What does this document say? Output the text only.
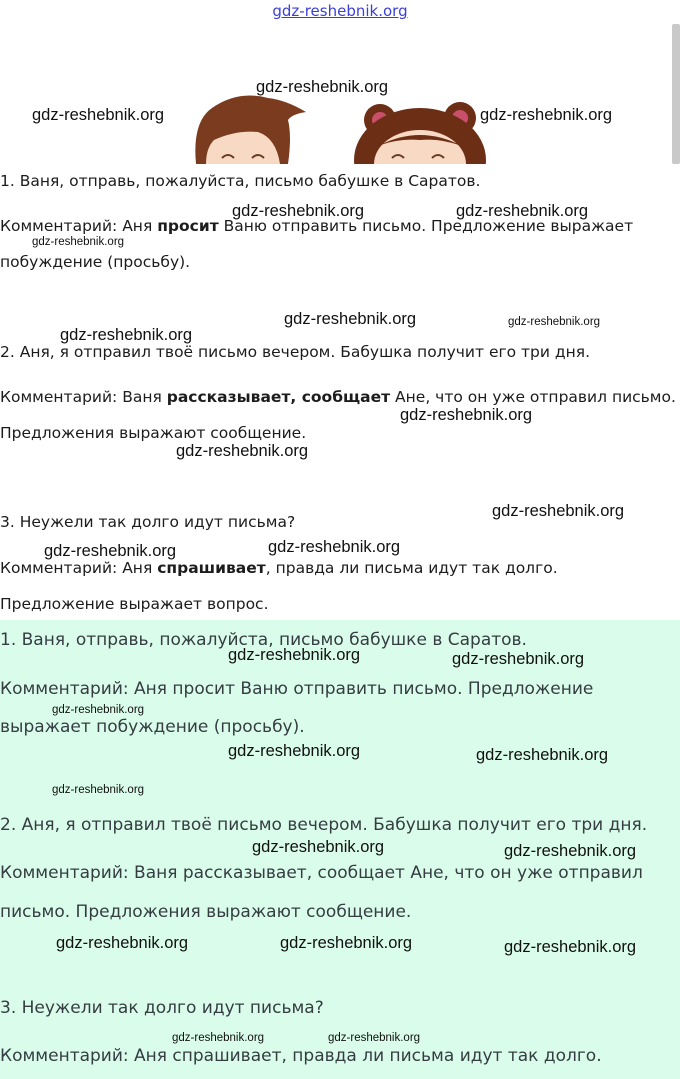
gdz-reshebnik.org
1. Ваня, отправь, пожалуйста, письмо бабушке в Саратов.
Комментарий: Аня просит Ваню отправить письмо. Предложение выражает
побуждение (просьбу).
2. Аня, я отправил твоё письмо вечером. Бабушка получит его три дня.
Комментарий: Ваня рассказывает, сообщает Ане, что он уже отправил письмо.
Предложения выражают сообщение.
3. Неужели так долго идут письма?
Комментарий: Аня спрашивает, правда ли письма идут так долго.
Предложение выражает вопрос.
1. Ваня, отправь, пожалуйста, письмо бабушке в Саратов.
Комментарий: Аня просит Ваню отправить письмо. Предложение
выражает побуждение (просьбу).
2. Аня, я отправил твоё письмо вечером. Бабушка получит его три дня.
Комментарий: Ваня рассказывает, сообщает Ане, что он уже отправил
письмо. Предложения выражают сообщение.
3. Неужели так долго идут письма?
Комментарий: Аня спрашивает, правда ли письма идут так долго.
gdz-reshebnik.org
gdz-reshebnik.org	gdz-reshebnik.org
gdz-reshebnik.org	gdz-reshebnik.org
gdz-reshebnik.org
gdz-reshebnik.org	gdz-reshebnik.org
gdz-reshebnik.org
gdz-reshebnik.org
gdz-reshebnik.org
gdz-reshebnik.org
gdz-reshebnik.org
gdz-reshebnik.org
gdz-reshebnik.org	gdz-reshebnik.org
gdz-reshebnik.org
gdz-reshebnik.org	gdz-reshebnik.org
gdz-reshebnik.org
gdz-reshebnik.org	gdz-reshebnik.org
gdz-reshebnik.org	gdz-reshebnik.org	gdz-reshebnik.org
gdz-reshebnik.org	gdz-reshebnik.org
